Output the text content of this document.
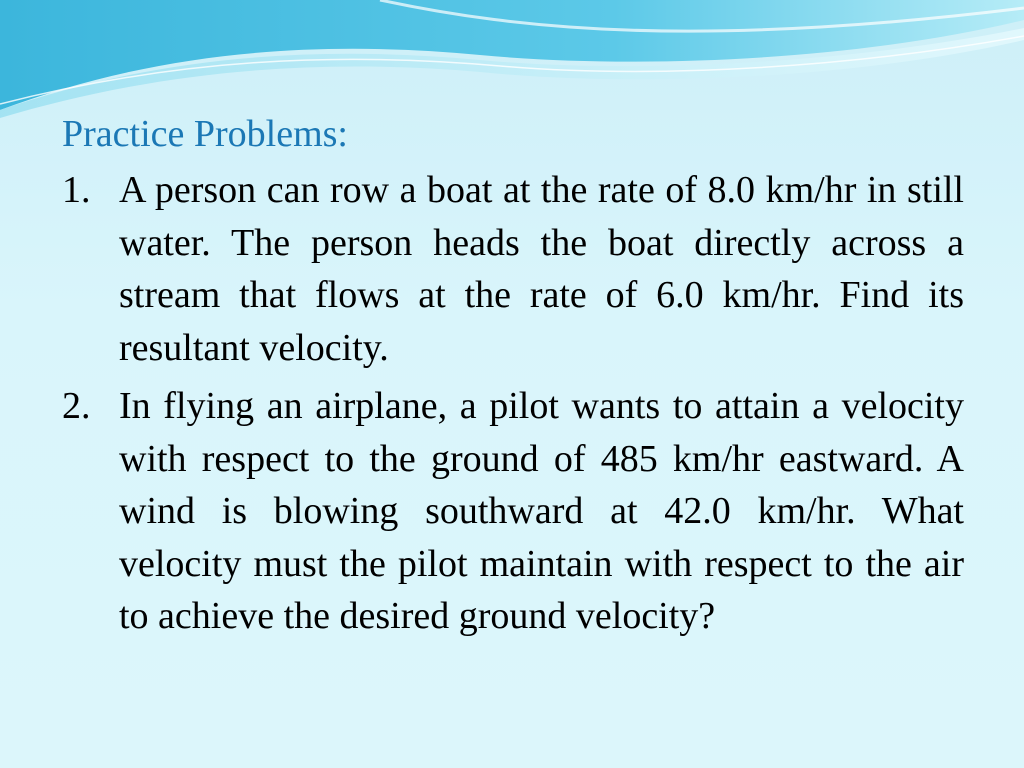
Practice Problems:
1. A person can row a boat at the rate of 8.0 km/hr in still water. The person heads the boat directly across a stream that flows at the rate of 6.0 km/hr. Find its resultant velocity.
2. In flying an airplane, a pilot wants to attain a velocity with respect to the ground of 485 km/hr eastward. A wind is blowing southward at 42.0 km/hr. What velocity must the pilot maintain with respect to the air to achieve the desired ground velocity?
